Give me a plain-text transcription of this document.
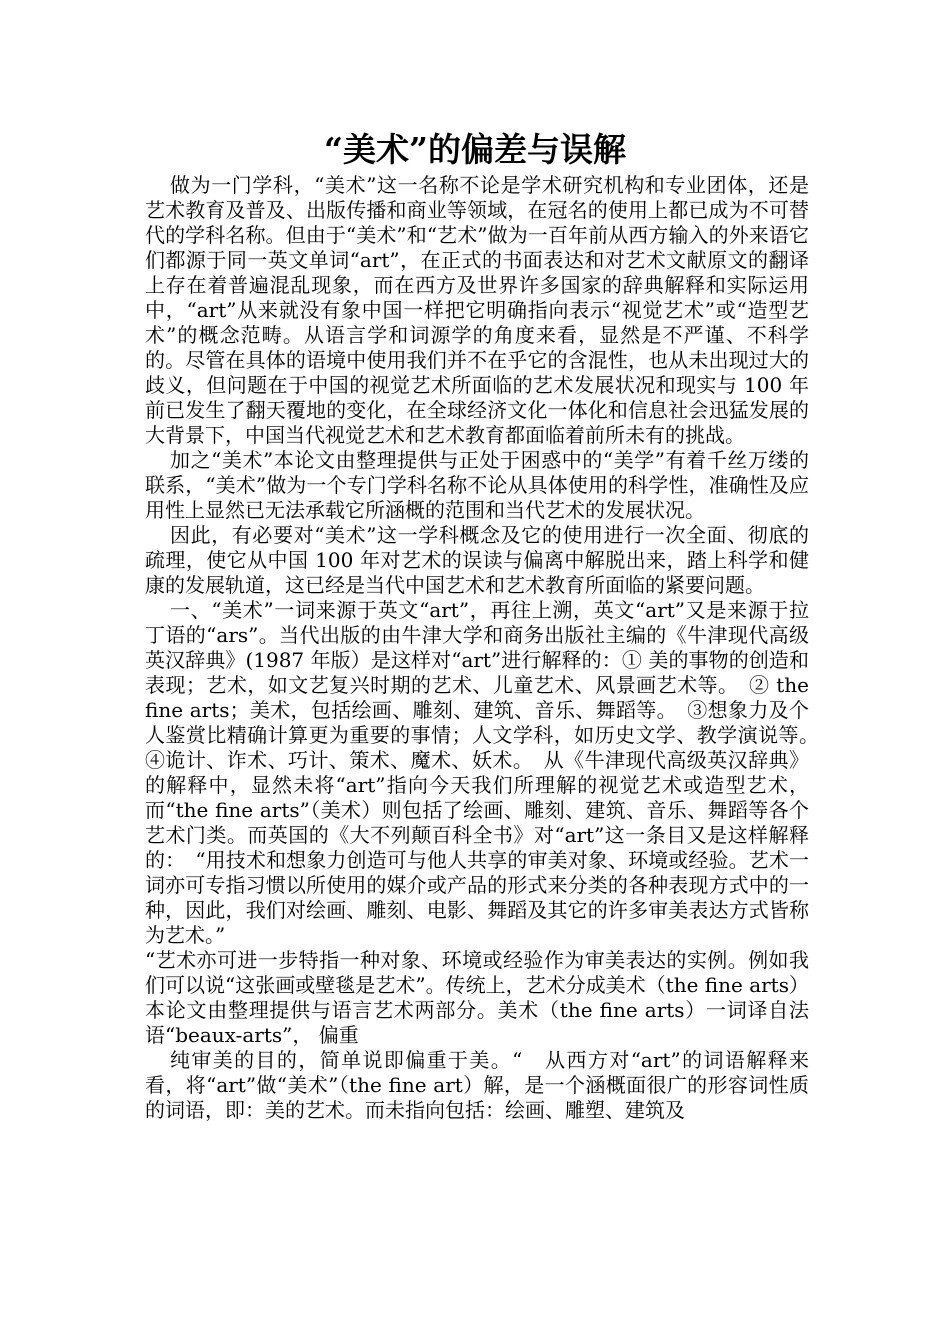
“美术”的偏差与误解

做为一门学科，“美术”这一名称不论是学术研究机构和专业团体，还是艺术教育及普及、出版传播和商业等领域，在冠名的使用上都已成为不可替代的学科名称。但由于“美术”和“艺术”做为一百年前从西方输入的外来语它们都源于同一英文单词“art”，在正式的书面表达和对艺术文献原文的翻译上存在着普遍混乱现象，而在西方及世界许多国家的辞典解释和实际运用中，“art”从来就没有象中国一样把它明确指向表示“视觉艺术”或“造型艺术”的概念范畴。从语言学和词源学的角度来看，显然是不严谨、不科学的。尽管在具体的语境中使用我们并不在乎它的含混性，也从未出现过大的歧义，但问题在于中国的视觉艺术所面临的艺术发展状况和现实与 100 年前已发生了翻天覆地的变化，在全球经济文化一体化和信息社会迅猛发展的大背景下，中国当代视觉艺术和艺术教育都面临着前所未有的挑战。

加之“美术”本论文由整理提供与正处于困惑中的“美学”有着千丝万缕的联系，“美术”做为一个专门学科名称不论从具体使用的科学性，准确性及应用性上显然已无法承载它所涵概的范围和当代艺术的发展状况。

因此，有必要对“美术”这一学科概念及它的使用进行一次全面、彻底的疏理，使它从中国 100 年对艺术的误读与偏离中解脱出来，踏上科学和健康的发展轨道，这已经是当代中国艺术和艺术教育所面临的紧要问题。

一、“美术”一词来源于英文“art”，再往上溯，英文“art”又是来源于拉丁语的“ars”。当代出版的由牛津大学和商务出版社主编的《牛津现代高级英汉辞典》(1987 年版）是这样对“art”进行解释的：① 美的事物的创造和表现；艺术，如文艺复兴时期的艺术、儿童艺术、风景画艺术等。　② the fine arts；美术，包括绘画、雕刻、建筑、音乐、舞蹈等。　③想象力及个人鉴赏比精确计算更为重要的事情；人文学科，如历史文学、教学演说等。　④诡计、诈术、巧计、策术、魔术、妖术。　从《牛津现代高级英汉辞典》的解释中，显然未将“art”指向今天我们所理解的视觉艺术或造型艺术，而“the fine arts”（美术）则包括了绘画、雕刻、建筑、音乐、舞蹈等各个艺术门类。而英国的《大不列颠百科全书》对“art”这一条目又是这样解释的：　“用技术和想象力创造可与他人共享的审美对象、环境或经验。艺术一词亦可专指习惯以所使用的媒介或产品的形式来分类的各种表现方式中的一种，因此，我们对绘画、雕刻、电影、舞蹈及其它的许多审美表达方式皆称为艺术。”

“艺术亦可进一步特指一种对象、环境或经验作为审美表达的实例。例如我们可以说“这张画或壁毯是艺术”。传统上，艺术分成美术（the fine arts）本论文由整理提供与语言艺术两部分。美术（the fine arts）一词译自法语“beaux-arts”， 偏重

纯审美的目的，简单说即偏重于美。“　从西方对“art”的词语解释来看，将“art”做“美术”（the fine art）解，是一个涵概面很广的形容词性质的词语，即：美的艺术。而未指向包括：绘画、雕塑、建筑及
